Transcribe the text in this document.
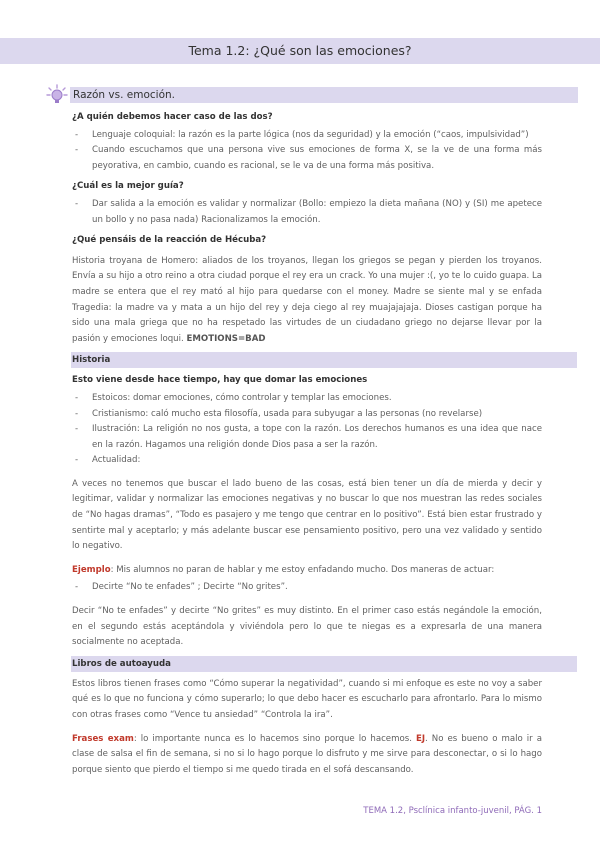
Tema 1.2: ¿Qué son las emociones?
Razón vs. emoción.
¿A quién debemos hacer caso de las dos?
- Lenguaje coloquial: la razón es la parte lógica (nos da seguridad) y la emoción (“caos, impulsividad”)
- Cuando escuchamos que una persona vive sus emociones de forma X, se la ve de una forma más peyorativa, en cambio, cuando es racional, se le va de una forma más positiva.
¿Cuál es la mejor guía?
- Dar salida a la emoción es validar y normalizar (Bollo: empiezo la dieta mañana (NO) y (SI) me apetece un bollo y no pasa nada) Racionalizamos la emoción.
¿Qué pensáis de la reacción de Hécuba?

Historia troyana de Homero: aliados de los troyanos, llegan los griegos se pegan y pierden los troyanos. Envía a su hijo a otro reino a otra ciudad porque el rey era un crack. Yo una mujer :(, yo te lo cuido guapa. La madre se entera que el rey mató al hijo para quedarse con el money. Madre se siente mal y se enfada Tragedia: la madre va y mata a un hijo del rey y deja ciego al rey muajajajaja. Dioses castigan porque ha sido una mala griega que no ha respetado las virtudes de un ciudadano griego no dejarse llevar por la pasión y emociones loqui. EMOTIONS=BAD

Historia
Esto viene desde hace tiempo, hay que domar las emociones
- Estoicos: domar emociones, cómo controlar y templar las emociones.
- Cristianismo: caló mucho esta filosofía, usada para subyugar a las personas (no revelarse)
- Ilustración: La religión no nos gusta, a tope con la razón. Los derechos humanos es una idea que nace en la razón. Hagamos una religión donde Dios pasa a ser la razón.
- Actualidad:

A veces no tenemos que buscar el lado bueno de las cosas, está bien tener un día de mierda y decir y legitimar, validar y normalizar las emociones negativas y no buscar lo que nos muestran las redes sociales de “No hagas dramas”, “Todo es pasajero y me tengo que centrar en lo positivo”. Está bien estar frustrado y sentirte mal y aceptarlo; y más adelante buscar ese pensamiento positivo, pero una vez validado y sentido lo negativo.

Ejemplo: Mis alumnos no paran de hablar y me estoy enfadando mucho. Dos maneras de actuar:

- Decirte “No te enfades” ; Decirte “No grites”.

Decir “No te enfades” y decirte “No grites” es muy distinto. En el primer caso estás negándole la emoción, en el segundo estás aceptándola y viviéndola pero lo que te niegas es a expresarla de una manera socialmente no aceptada.

Libros de autoayuda

Estos libros tienen frases como “Cómo superar la negatividad”, cuando si mi enfoque es este no voy a saber qué es lo que no funciona y cómo superarlo; lo que debo hacer es escucharlo para afrontarlo. Para lo mismo con otras frases como “Vence tu ansiedad” “Controla la ira”.

Frases exam: lo importante nunca es lo hacemos sino porque lo hacemos. EJ. No es bueno o malo ir a clase de salsa el fin de semana, si no si lo hago porque lo disfruto y me sirve para desconectar, o si lo hago porque siento que pierdo el tiempo si me quedo tirada en el sofá descansando.

TEMA 1.2, Psclínica infanto-juvenil, PÁG. 1
